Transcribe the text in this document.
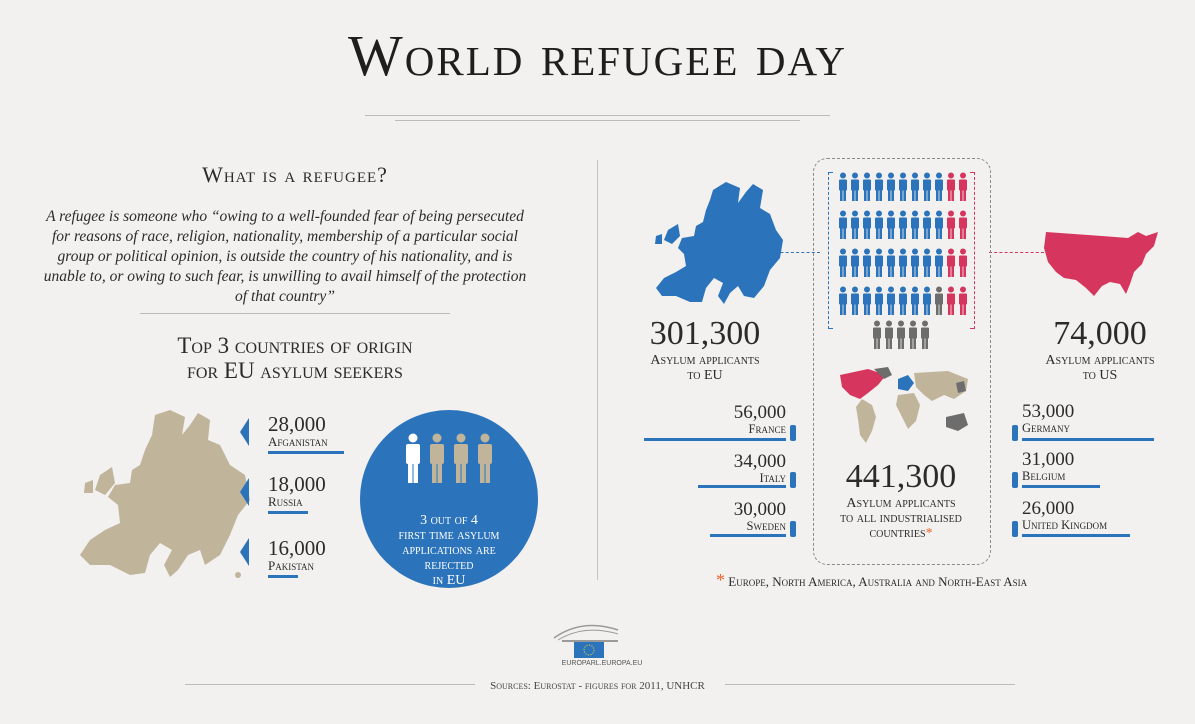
World refugee day
What is a refugee?
A refugee is someone who “owing to a well-founded fear of being persecuted for reasons of race, religion, nationality, membership of a particular social group or political opinion, is outside the country of his nationality, and is unable to, or owing to such fear, is unwilling to avail himself of the protection of that country”
Top 3 countries of origin
for EU asylum seekers
28,000
Afganistan
18,000
Russia
16,000
Pakistan
3 out of 4
first time asylum
applications are
rejected
in EU
301,300
Asylum applicants
to EU
74,000
Asylum applicants
to US
441,300
Asylum applicants
to all industrialised
countries*
56,000
France
34,000
Italy
30,000
Sweden
53,000
Germany
31,000
Belgium
26,000
United Kingdom
* Europe, North America, Australia and North-East Asia
EUROPARL.EUROPA.EU
Sources: Eurostat - figures for 2011, UNHCR
